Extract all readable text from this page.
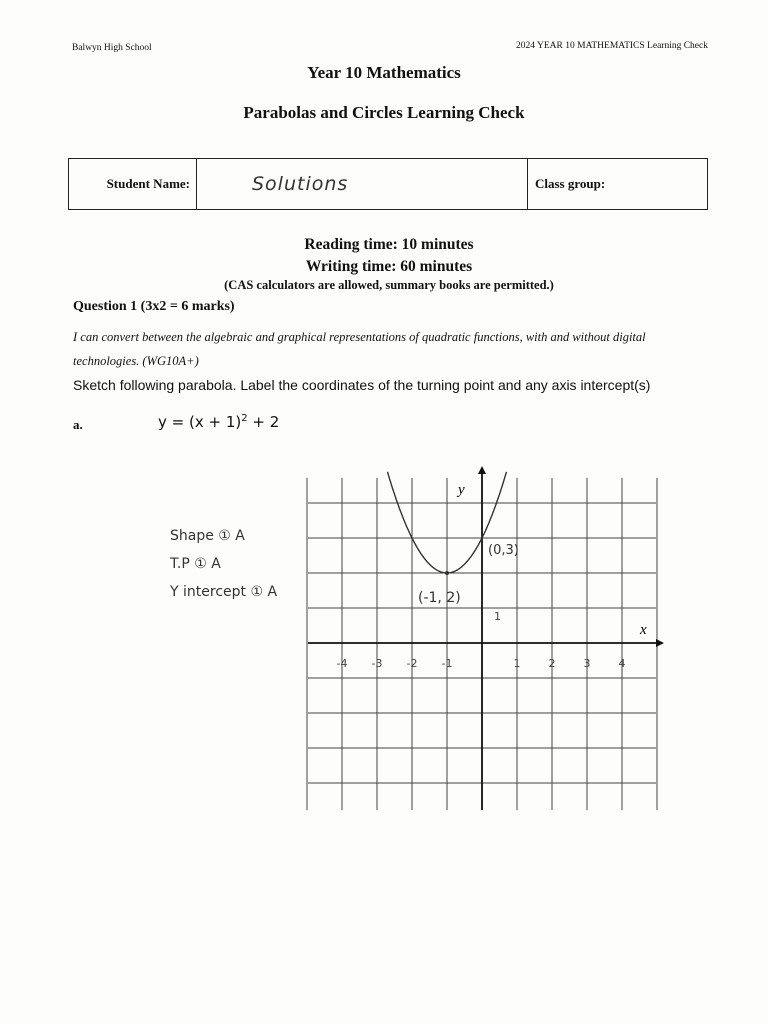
Balwyn High School	2024 YEAR 10 MATHEMATICS Learning Check
Year 10 Mathematics
Parabolas and Circles Learning Check
Student Name:	Solutions	Class group:
Reading time: 10 minutes
Writing time: 60 minutes
(CAS calculators are allowed, summary books are permitted.)
Question 1 (3x2 = 6 marks)
I can convert between the algebraic and graphical representations of quadratic functions, with and without digital technologies. (WG10A+)
Sketch following parabola. Label the coordinates of the turning point and any axis intercept(s)
a.	$y = (x + 1)^2 + 2$
Shape ① A
T.P ① A
Y intercept ① A
x
y
-4 -3 -2 -1	1	2	3	4
1
(-1, 2)
(0,3)
